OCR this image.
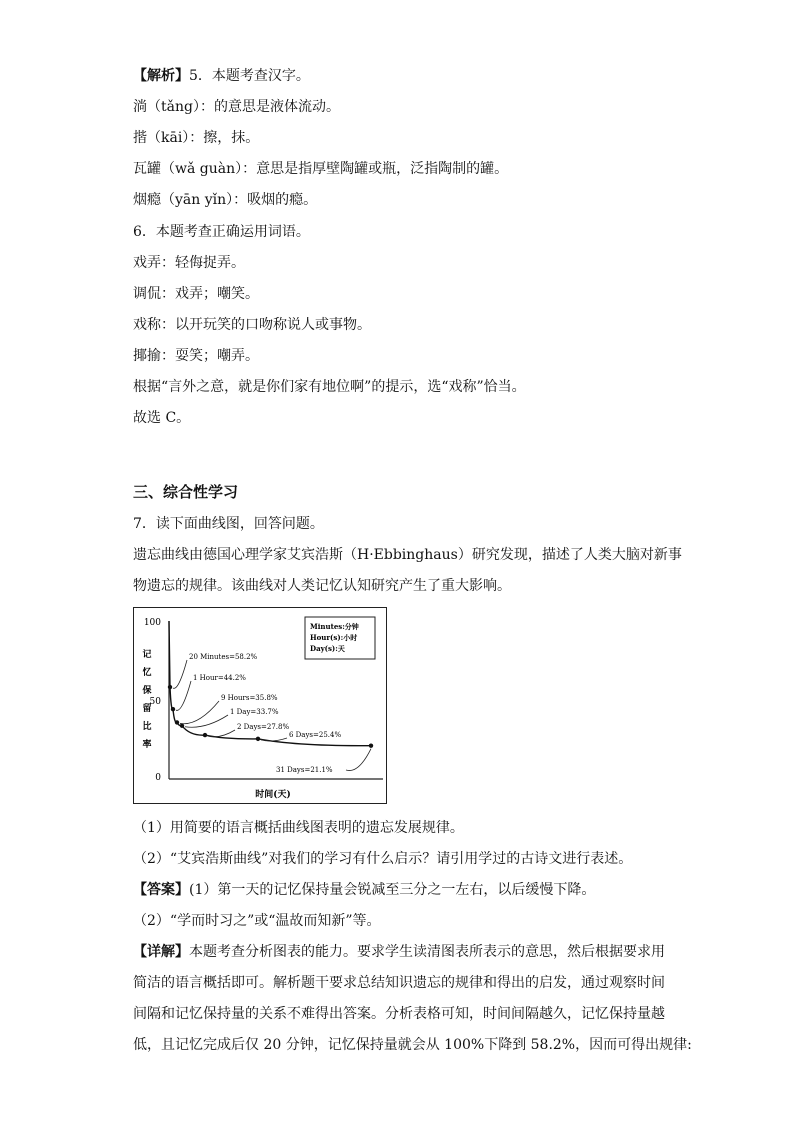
【解析】5．本题考查汉字。
淌（tǎng）：的意思是液体流动。
揩（kāi）：擦，抹。
瓦罐（wǎ guàn）：意思是指厚壁陶罐或瓶，泛指陶制的罐。
烟瘾（yān yǐn）：吸烟的瘾。
6．本题考查正确运用词语。
戏弄：轻侮捉弄。
调侃：戏弄；嘲笑。
戏称：以开玩笑的口吻称说人或事物。
揶揄：耍笑；嘲弄。
根据“言外之意，就是你们家有地位啊”的提示，选“戏称”恰当。
故选 C。
三、综合性学习
7．读下面曲线图，回答问题。
遗忘曲线由德国心理学家艾宾浩斯（H·Ebbinghaus）研究发现，描述了人类大脑对新事
物遗忘的规律。该曲线对人类记忆认知研究产生了重大影响。
100
50
0
记
忆
保
留
比
率
时间(天)
Minutes:分钟
Hour(s):小时
Day(s):天
20 Minutes=58.2%
1 Hour=44.2%
9 Hours=35.8%
1 Day=33.7%
2 Days=27.8%
6 Days=25.4%
31 Days=21.1%
（1）用简要的语言概括曲线图表明的遗忘发展规律。
（2）“艾宾浩斯曲线”对我们的学习有什么启示？请引用学过的古诗文进行表述。
【答案】(1）第一天的记忆保持量会锐减至三分之一左右，以后缓慢下降。
（2）“学而时习之”或“温故而知新”等。
【详解】本题考查分析图表的能力。要求学生读清图表所表示的意思，然后根据要求用
简洁的语言概括即可。解析题干要求总结知识遗忘的规律和得出的启发，通过观察时间
间隔和记忆保持量的关系不难得出答案。分析表格可知，时间间隔越久，记忆保持量越
低，且记忆完成后仅 20 分钟，记忆保持量就会从 100%下降到 58.2%，因而可得出规律:
